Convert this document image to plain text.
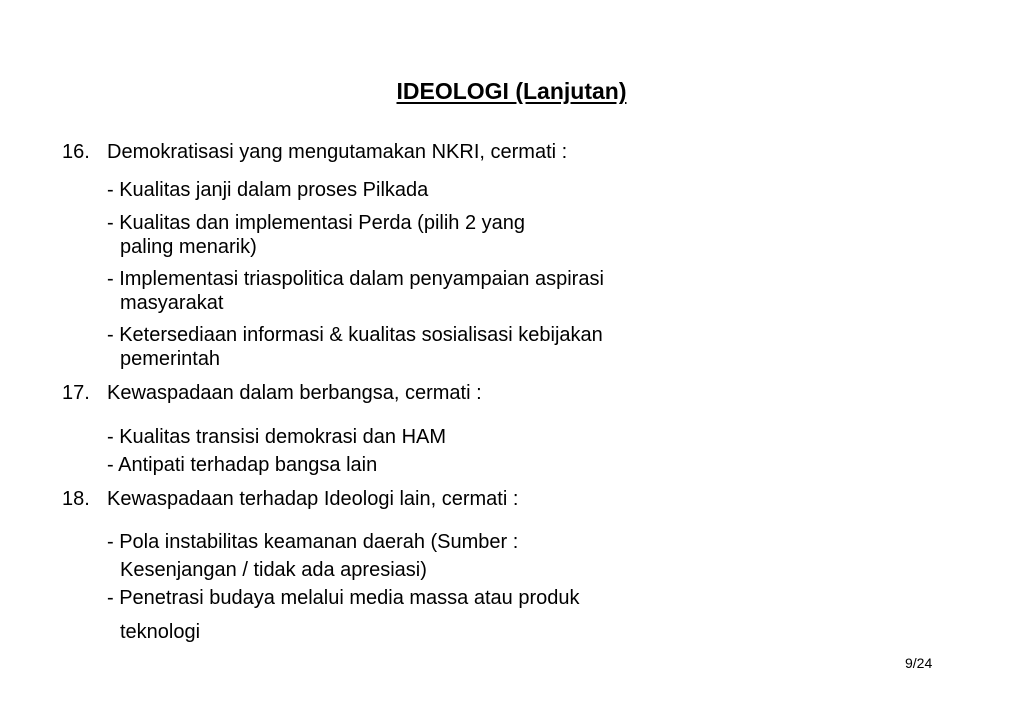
IDEOLOGI (Lanjutan)
16. Demokratisasi yang mengutamakan NKRI, cermati :
- Kualitas janji dalam proses Pilkada
- Kualitas dan implementasi Perda (pilih 2 yang
paling menarik)
- Implementasi triaspolitica dalam penyampaian aspirasi
masyarakat
- Ketersediaan informasi & kualitas sosialisasi kebijakan
pemerintah
17. Kewaspadaan dalam berbangsa, cermati :
- Kualitas transisi demokrasi dan HAM
- Antipati terhadap bangsa lain
18. Kewaspadaan terhadap Ideologi lain, cermati :
- Pola instabilitas keamanan daerah (Sumber :
Kesenjangan / tidak ada apresiasi)
- Penetrasi budaya melalui media massa atau produk
teknologi
9/24
